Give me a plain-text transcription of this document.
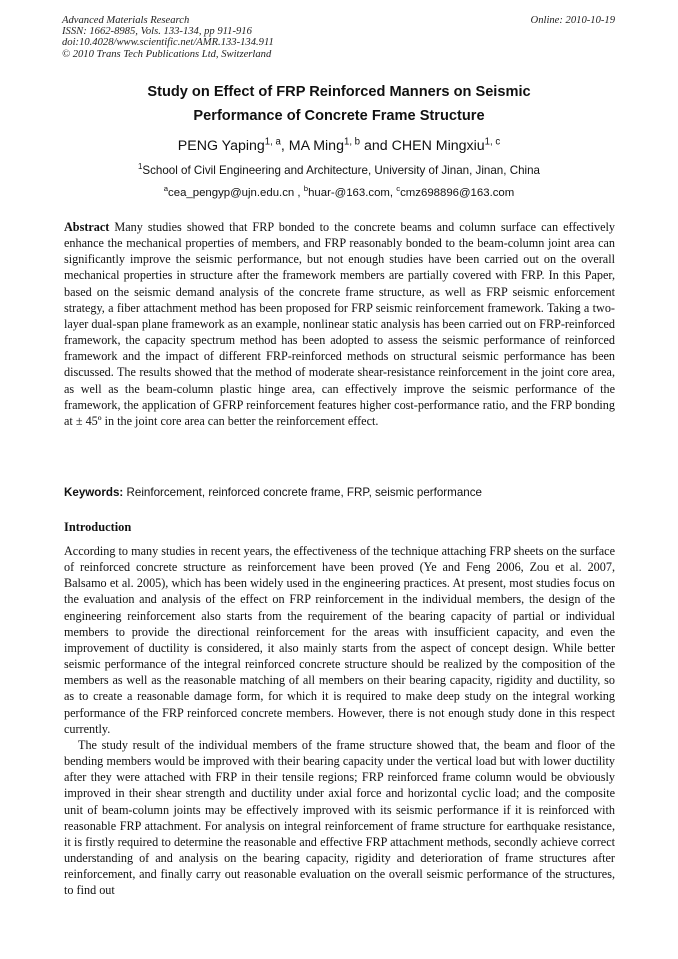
Advanced Materials Research
ISSN: 1662-8985, Vols. 133-134, pp 911-916
doi:10.4028/www.scientific.net/AMR.133-134.911
© 2010 Trans Tech Publications Ltd, Switzerland
Online: 2010-10-19
Study on Effect of FRP Reinforced Manners on Seismic
Performance of Concrete Frame Structure
PENG Yaping$^{1, a}$, MA Ming$^{1, b}$ and CHEN Mingxiu$^{1, c}$
$^1$School of Civil Engineering and Architecture, University of Jinan, Jinan, China
$^a$cea_pengyp@ujn.edu.cn , $^b$huar-@163.com, $^c$cmz698896@163.com
Abstract Many studies showed that FRP bonded to the concrete beams and column surface can effectively enhance the mechanical properties of members, and FRP reasonably bonded to the beam-column joint area can significantly improve the seismic performance, but not enough studies have been carried out on the overall mechanical properties in structure after the framework members are partially covered with FRP. In this Paper, based on the seismic demand analysis of the concrete frame structure, as well as FRP seismic enforcement strategy, a fiber attachment method has been proposed for FRP seismic reinforcement framework. Taking a two-layer dual-span plane framework as an example, nonlinear static analysis has been carried out on FRP-reinforced framework, the capacity spectrum method has been adopted to assess the seismic performance of reinforced framework and the impact of different FRP-reinforced methods on structural seismic performance has been discussed. The results showed that the method of moderate shear-resistance reinforcement in the joint core area, as well as the beam-column plastic hinge area, can effectively improve the seismic performance of the framework, the application of GFRP reinforcement features higher cost-performance ratio, and the FRP bonding at ± 45º in the joint core area can better the reinforcement effect.
Keywords: Reinforcement, reinforced concrete frame, FRP, seismic performance
Introduction
According to many studies in recent years, the effectiveness of the technique attaching FRP sheets on the surface of reinforced concrete structure as reinforcement have been proved (Ye and Feng 2006, Zou et al. 2007, Balsamo et al. 2005), which has been widely used in the engineering practices. At present, most studies focus on the evaluation and analysis of the effect on FRP reinforcement in the individual members, the design of the engineering reinforcement also starts from the requirement of the bearing capacity of partial or individual members to provide the directional reinforcement for the areas with insufficient capacity, and even the improvement of ductility is considered, it also mainly starts from the aspect of concept design. While better seismic performance of the integral reinforced concrete structure should be realized by the composition of the members as well as the reasonable matching of all members on their bearing capacity, rigidity and ductility, so as to create a reasonable damage form, for which it is required to make deep study on the integral working performance of the FRP reinforced concrete members. However, there is not enough study done in this respect currently.
The study result of the individual members of the frame structure showed that, the beam and floor of the bending members would be improved with their bearing capacity under the vertical load but with lower ductility after they were attached with FRP in their tensile regions; FRP reinforced frame column would be obviously improved in their shear strength and ductility under axial force and horizontal cyclic load; and the composite unit of beam-column joints may be effectively improved with its seismic performance if it is reinforced with reasonable FRP attachment. For analysis on integral reinforcement of frame structure for earthquake resistance, it is firstly required to determine the reasonable and effective FRP attachment methods, secondly achieve correct understanding of and analysis on the bearing capacity, rigidity and deterioration of frame structures after reinforcement, and finally carry out reasonable evaluation on the overall seismic performance of the structures, to find out
